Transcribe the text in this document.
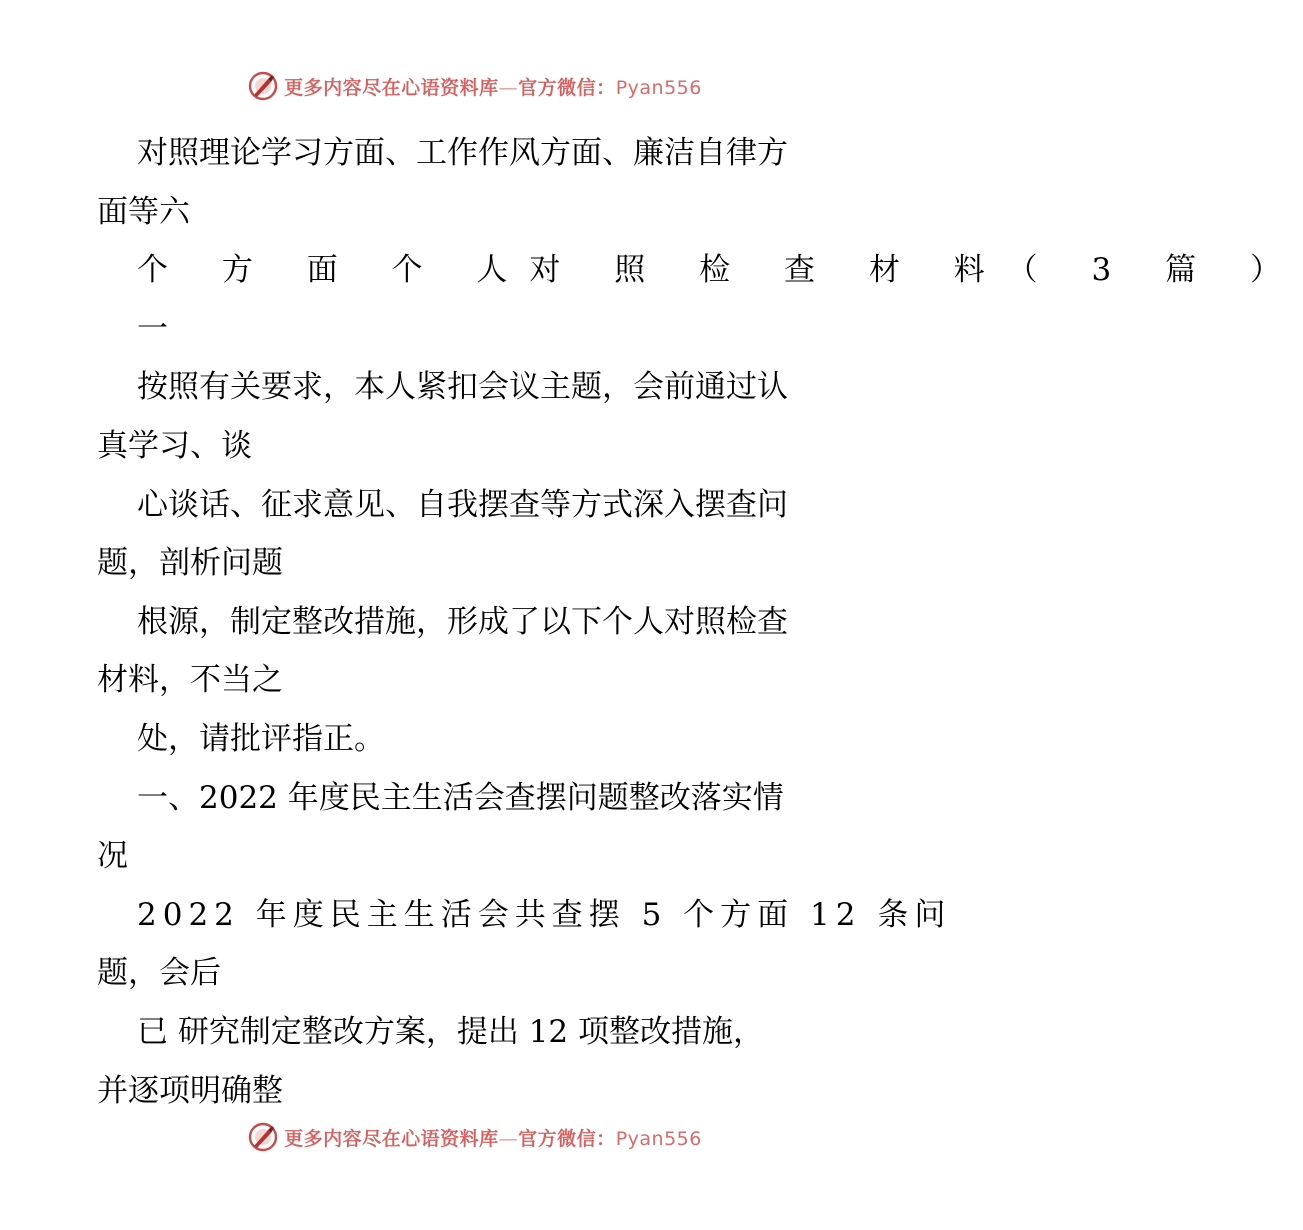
更多内容尽在心语资料库—官方微信：Pyan556
对照理论学习方面、工作作风方面、廉洁自律方
面等六
个 方 面 个 人对 照 检 查 材 料（ 3 篇 ）
一
按照有关要求，本人紧扣会议主题，会前通过认
真学习、谈
心谈话、征求意见、自我摆查等方式深入摆查问
题，剖析问题
根源，制定整改措施，形成了以下个人对照检查
材料，不当之
处，请批评指正。
一、2022 年度民主生活会查摆问题整改落实情
况
2022 年度民主生活会共查摆 5 个方面 12 条问
题，会后
已 研究制定整改方案，提出 12 项整改措施，
并逐项明确整
更多内容尽在心语资料库—官方微信：Pyan556
